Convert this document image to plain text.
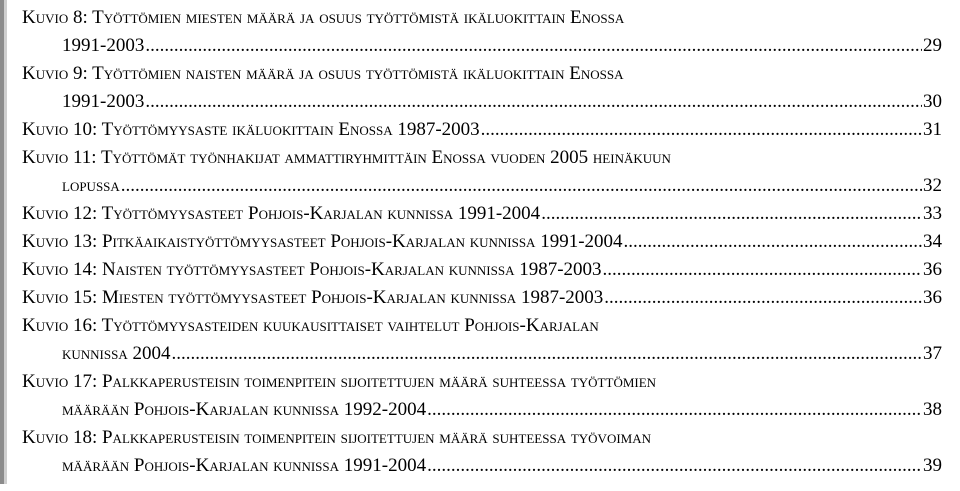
Kuvio 8: Työttömien miesten määrä ja osuus työttömistä ikäluokittain Enossa
1991-2003 .....	29
Kuvio 9: Työttömien naisten määrä ja osuus työttömistä ikäluokittain Enossa
1991-2003 .....	30
Kuvio 10: Työttömyysaste ikäluokittain Enossa 1987-2003 .....	31
Kuvio 11: Työttömät työnhakijat ammattiryhmittäin Enossa vuoden 2005 heinäkuun
lopussa .....	32
Kuvio 12: Työttömyysasteet Pohjois-Karjalan kunnissa 1991-2004 .....	33
Kuvio 13: Pitkäaikaistyöttömyysasteet Pohjois-Karjalan kunnissa 1991-2004 .....	34
Kuvio 14: Naisten työttömyysasteet Pohjois-Karjalan kunnissa 1987-2003 .....	36
Kuvio 15: Miesten työttömyysasteet Pohjois-Karjalan kunnissa 1987-2003 .....	36
Kuvio 16: Työttömyysasteiden kuukausittaiset vaihtelut Pohjois-Karjalan
kunnissa 2004 .....	37
Kuvio 17: Palkkaperusteisin toimenpitein sijoitettujen määrä suhteessa työttömien
määrään Pohjois-Karjalan kunnissa 1992-2004 .....	38
Kuvio 18: Palkkaperusteisin toimenpitein sijoitettujen määrä suhteessa työvoiman
määrään Pohjois-Karjalan kunnissa 1991-2004 .....	39
